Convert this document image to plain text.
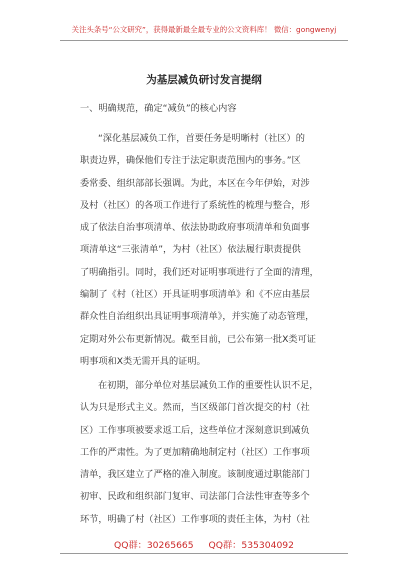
关注头条号“公文研究”，获得最新最全最专业的公文资料库！ 微信：gongwenyj
为基层减负研讨发言提纲
一、明确规范，确定“减负”的核心内容

“深化基层减负工作，首要任务是明晰村（社区）的
职责边界，确保他们专注于法定职责范围内的事务。”区
委常委、组织部部长强调。为此，本区在今年伊始，对涉
及村（社区）的各项工作进行了系统性的梳理与整合，形
成了依法自治事项清单、依法协助政府事项清单和负面事
项清单这“三张清单”，为村（社区）依法履行职责提供
了明确指引。同时，我们还对证明事项进行了全面的清理，
编制了《村（社区）开具证明事项清单》和《不应由基层
群众性自治组织出具证明事项清单》，并实施了动态管理，
定期对外公布更新情况。截至目前，已公布第一批X类可证
明事项和X类无需开具的证明。

在初期，部分单位对基层减负工作的重要性认识不足，
认为只是形式主义。然而，当区级部门首次提交的村（社
区）工作事项被要求返工后，这些单位才深刻意识到减负
工作的严肃性。为了更加精确地制定村（社区）工作事项
清单，我区建立了严格的准入制度。该制度通过职能部门
初审、民政和组织部门复审、司法部门合法性审查等多个
环节，明确了村（社区）工作事项的责任主体，为村（社

QQ群：30265665 QQ群：535304092
